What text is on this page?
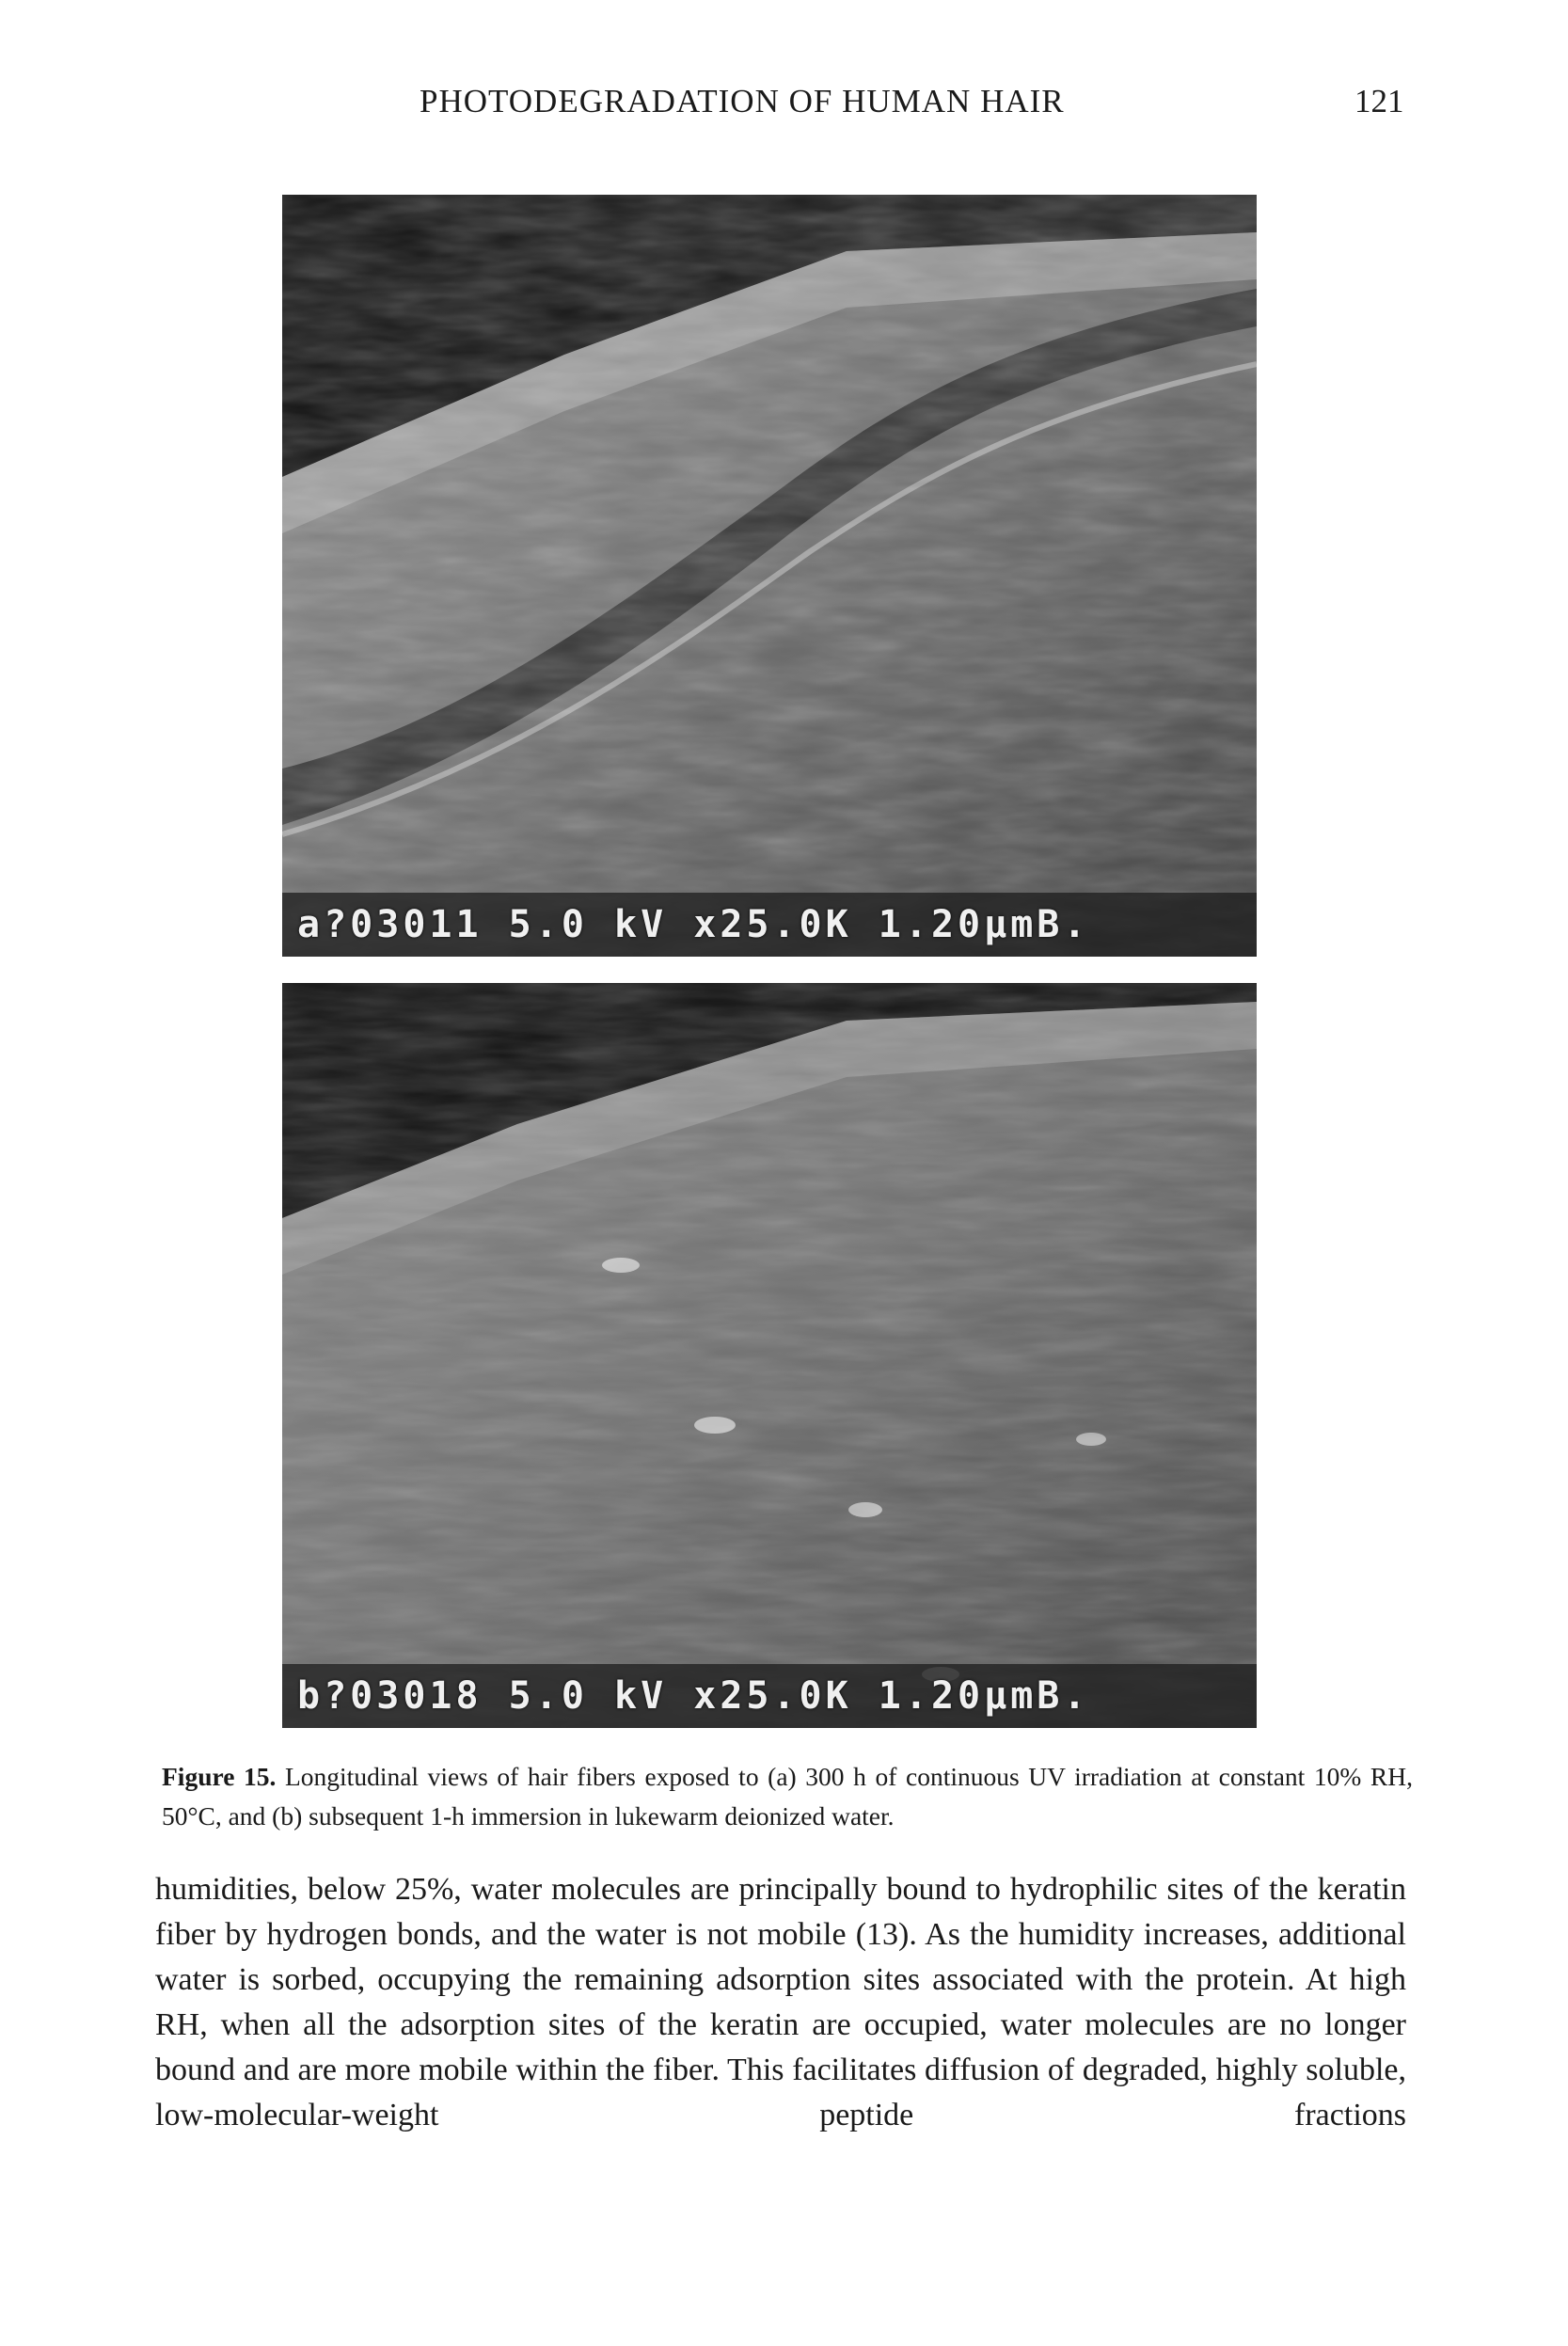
PHOTODEGRADATION OF HUMAN HAIR	121
a?03011 5.0 kV x25.0K 1.20µmB.
b?03018 5.0 kV x25.0K 1.20µmB.
Figure 15. Longitudinal views of hair fibers exposed to (a) 300 h of continuous UV irradiation at constant 10% RH, 50°C, and (b) subsequent 1-h immersion in lukewarm deionized water.
humidities, below 25%, water molecules are principally bound to hydrophilic sites of the keratin fiber by hydrogen bonds, and the water is not mobile (13). As the humidity increases, additional water is sorbed, occupying the remaining adsorption sites associated with the protein. At high RH, when all the adsorption sites of the keratin are occupied, water molecules are no longer bound and are more mobile within the fiber. This facilitates diffusion of degraded, highly soluble, low-molecular-weight peptide fractions
